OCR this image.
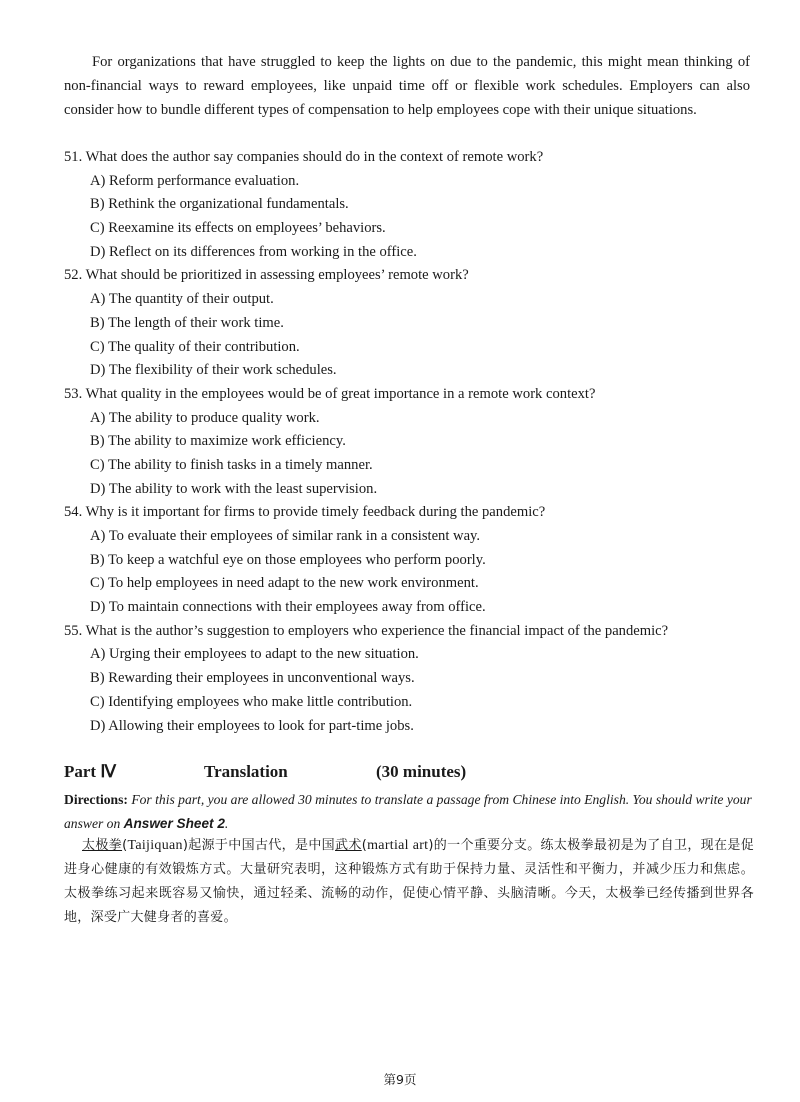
For organizations that have struggled to keep the lights on due to the pandemic, this might mean thinking of non-financial ways to reward employees, like unpaid time off or flexible work schedules. Employers can also consider how to bundle different types of compensation to help employees cope with their unique situations.

51. What does the author say companies should do in the context of remote work?
A) Reform performance evaluation.
B) Rethink the organizational fundamentals.
C) Reexamine its effects on employees’ behaviors.
D) Reflect on its differences from working in the office.
52. What should be prioritized in assessing employees’ remote work?
A) The quantity of their output.
B) The length of their work time.
C) The quality of their contribution.
D) The flexibility of their work schedules.
53. What quality in the employees would be of great importance in a remote work context?
A) The ability to produce quality work.
B) The ability to maximize work efficiency.
C) The ability to finish tasks in a timely manner.
D) The ability to work with the least supervision.
54. Why is it important for firms to provide timely feedback during the pandemic?
A) To evaluate their employees of similar rank in a consistent way.
B) To keep a watchful eye on those employees who perform poorly.
C) To help employees in need adapt to the new work environment.
D) To maintain connections with their employees away from office.
55. What is the author’s suggestion to employers who experience the financial impact of the pandemic?
A) Urging their employees to adapt to the new situation.
B) Rewarding their employees in unconventional ways.
C) Identifying employees who make little contribution.
D) Allowing their employees to look for part-time jobs.
Part Ⅳ	Translation	(30 minutes)

Directions: For this part, you are allowed 30 minutes to translate a passage from Chinese into English. You should write your answer on Answer Sheet 2.

太极拳(Taijiquan)起源于中国古代，是中国武术(martial art)的一个重要分支。练太极拳最初是为了自卫，现在是促进身心健康的有效锻炼方式。大量研究表明，这种锻炼方式有助于保持力量、灵活性和平衡力，并减少压力和焦虑。太极拳练习起来既容易又愉快，通过轻柔、流畅的动作，促使心情平静、头脑清晰。今天，太极拳已经传播到世界各地，深受广大健身者的喜爱。

第9页
